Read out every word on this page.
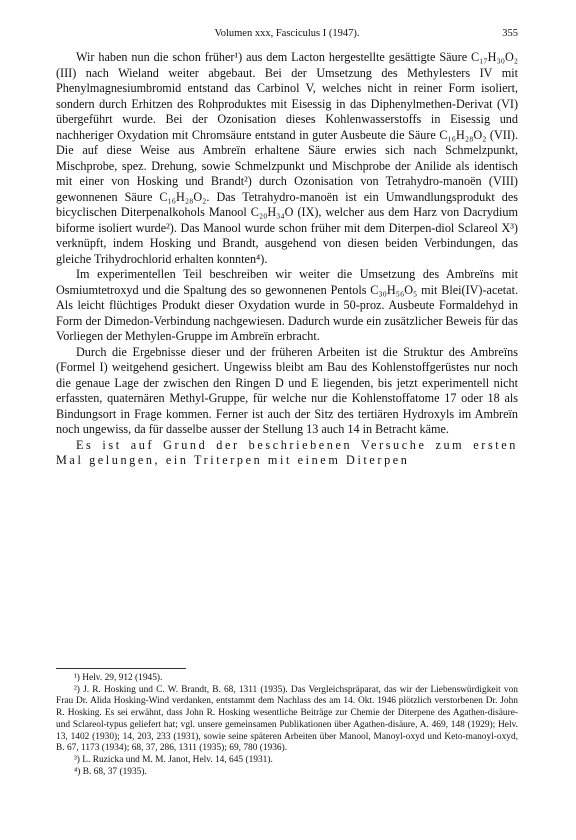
Volumen xxx, Fasciculus I (1947).	355

Wir haben nun die schon früher¹) aus dem Lacton hergestellte gesättigte Säure C₁₇H₃₀O₂ (III) nach Wieland weiter abgebaut. Bei der Umsetzung des Methylesters IV mit Phenylmagnesiumbromid entstand das Carbinol V, welches nicht in reiner Form isoliert, sondern durch Erhitzen des Rohproduktes mit Eisessig in das Diphenylmethen-Derivat (VI) übergeführt wurde. Bei der Ozonisation dieses Kohlenwasserstoffs in Eisessig und nachheriger Oxydation mit Chromsäure entstand in guter Ausbeute die Säure C₁₆H₂₈O₂ (VII). Die auf diese Weise aus Ambreïn erhaltene Säure erwies sich nach Schmelzpunkt, Mischprobe, spez. Drehung, sowie Schmelzpunkt und Mischprobe der Anilide als identisch mit einer von Hosking und Brandt²) durch Ozonisation von Tetrahydro-manoën (VIII) gewonnenen Säure C₁₆H₂₈O₂. Das Tetrahydro-manoën ist ein Umwandlungsprodukt des bicyclischen Diterpenalkohols Manool C₂₀H₃₄O (IX), welcher aus dem Harz von Dacrydium biforme isoliert wurde²). Das Manool wurde schon früher mit dem Diterpen-diol Sclareol X³) verknüpft, indem Hosking und Brandt, ausgehend von diesen beiden Verbindungen, das gleiche Trihydrochlorid erhalten konnten⁴).

Im experimentellen Teil beschreiben wir weiter die Umsetzung des Ambreïns mit Osmiumtetroxyd und die Spaltung des so gewonnenen Pentols C₃₀H₅₆O₅ mit Blei(IV)-acetat. Als leicht flüchtiges Produkt dieser Oxydation wurde in 50-proz. Ausbeute Formaldehyd in Form der Dimedon-Verbindung nachgewiesen. Dadurch wurde ein zusätzlicher Beweis für das Vorliegen der Methylen-Gruppe im Ambreïn erbracht.

Durch die Ergebnisse dieser und der früheren Arbeiten ist die Struktur des Ambreïns (Formel I) weitgehend gesichert. Ungewiss bleibt am Bau des Kohlenstoffgerüstes nur noch die genaue Lage der zwischen den Ringen D und E liegenden, bis jetzt experimentell nicht erfassten, quaternären Methyl-Gruppe, für welche nur die Kohlenstoffatome 17 oder 18 als Bindungsort in Frage kommen. Ferner ist auch der Sitz des tertiären Hydroxyls im Ambreïn noch ungewiss, da für dasselbe ausser der Stellung 13 auch 14 in Betracht käme.

Es ist auf Grund der beschriebenen Versuche zum ersten Mal gelungen, ein Triterpen mit einem Diterpen

¹) Helv. 29, 912 (1945).
²) J. R. Hosking und C. W. Brandt, B. 68, 1311 (1935). Das Vergleichspräparat, das wir der Liebenswürdigkeit von Frau Dr. Alida Hosking-Wind verdanken, entstammt dem Nachlass des am 14. Okt. 1946 plötzlich verstorbenen Dr. John R. Hosking. Es sei erwähnt, dass John R. Hosking wesentliche Beiträge zur Chemie der Diterpene des Agathen-disäure- und Sclareol-typus geliefert hat; vgl. unsere gemeinsamen Publikationen über Agathen-disäure, A. 469, 148 (1929); Helv. 13, 1402 (1930); 14, 203, 233 (1931), sowie seine späteren Arbeiten über Manool, Manoyl-oxyd und Keto-manoyl-oxyd, B. 67, 1173 (1934); 68, 37, 286, 1311 (1935); 69, 780 (1936).
³) L. Ruzicka und M. M. Janot, Helv. 14, 645 (1931).
⁴) B. 68, 37 (1935).
